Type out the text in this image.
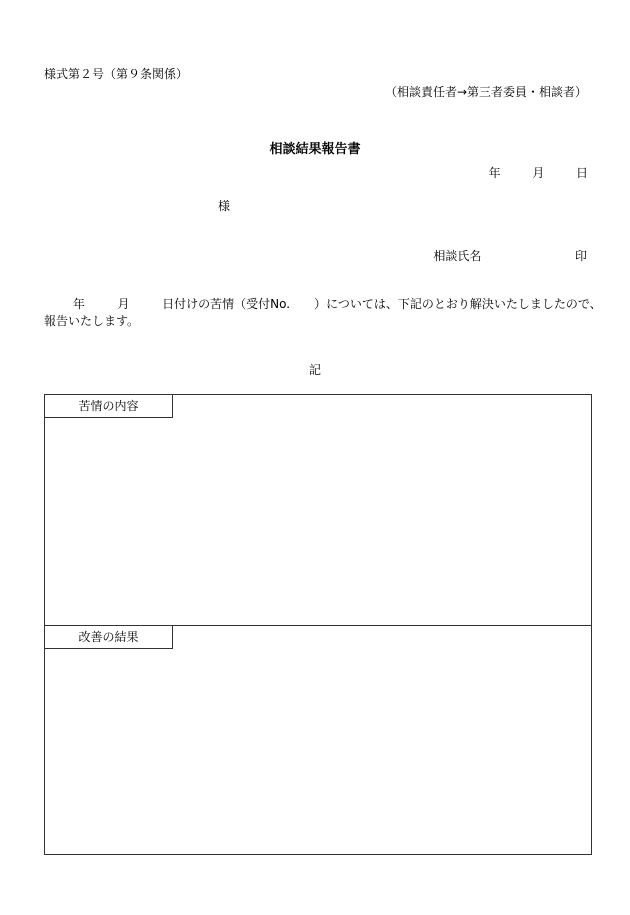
様式第２号（第９条関係）
（相談責任者→第三者委員・相談者）
相談結果報告書
年	月	日
様
相談氏名	印
年	月	日付けの苦情（受付No.　　）については、下記のとおり解決いたしましたので、
報告いたします。
記
苦情の内容
改善の結果
